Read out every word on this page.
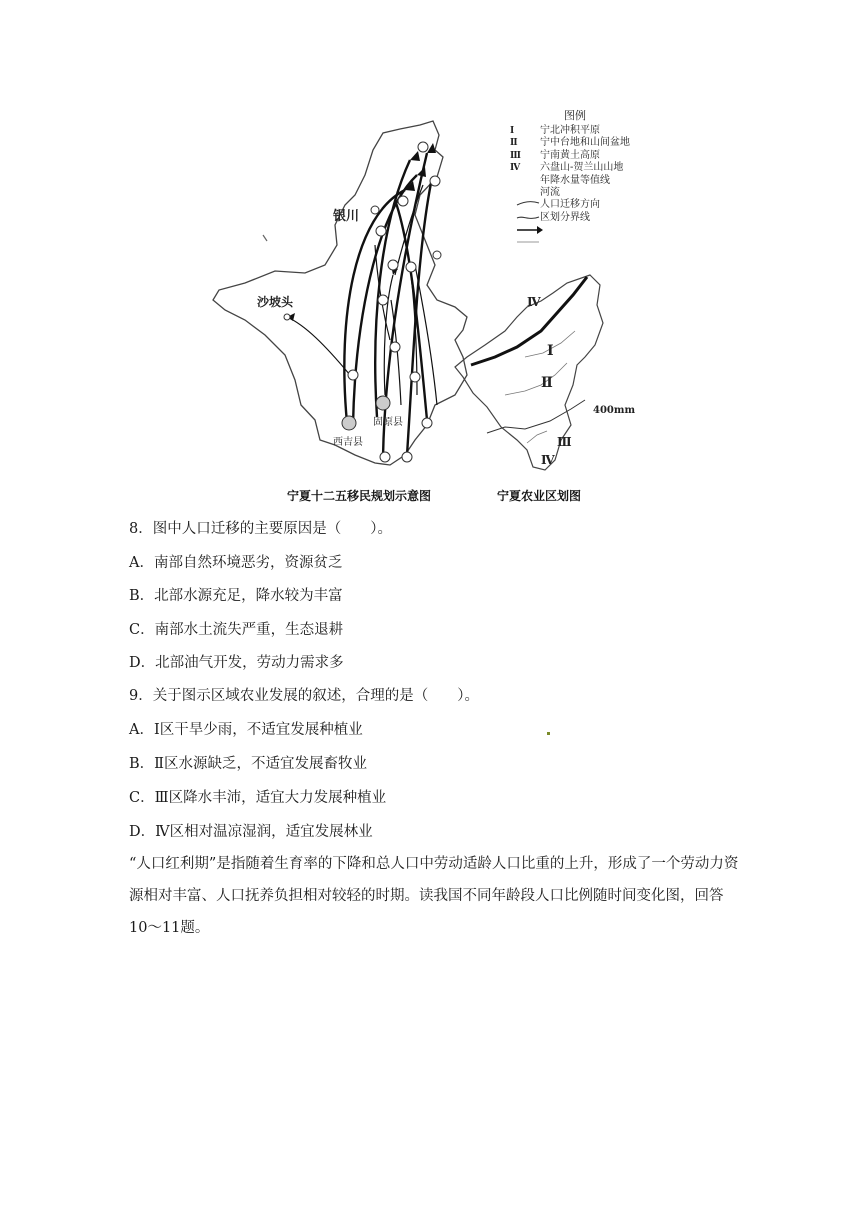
银川
沙坡头
固原县
西吉县
Ⅳ
Ⅰ
Ⅱ
Ⅲ
Ⅳ
400mm
图例
Ⅰ	宁北冲积平原
Ⅱ	宁中台地和山间盆地
Ⅲ	宁南黄土高原
Ⅳ	六盘山-贺兰山山地
年降水量等值线
河流
人口迁移方向
区划分界线
宁夏十二五移民规划示意图	宁夏农业区划图
8．图中人口迁移的主要原因是（　　）。
A．南部自然环境恶劣，资源贫乏
B．北部水源充足，降水较为丰富
C．南部水土流失严重，生态退耕
D．北部油气开发，劳动力需求多
9．关于图示区域农业发展的叙述，合理的是（　　）。
A．Ⅰ区干旱少雨，不适宜发展种植业
B．Ⅱ区水源缺乏，不适宜发展畜牧业
C．Ⅲ区降水丰沛，适宜大力发展种植业
D．Ⅳ区相对温凉湿润，适宜发展林业
“人口红利期”是指随着生育率的下降和总人口中劳动适龄人口比重的上升，形成了一个劳动力资源相对丰富、人口抚养负担相对较轻的时期。读我国不同年龄段人口比例随时间变化图，回答10～11题。
